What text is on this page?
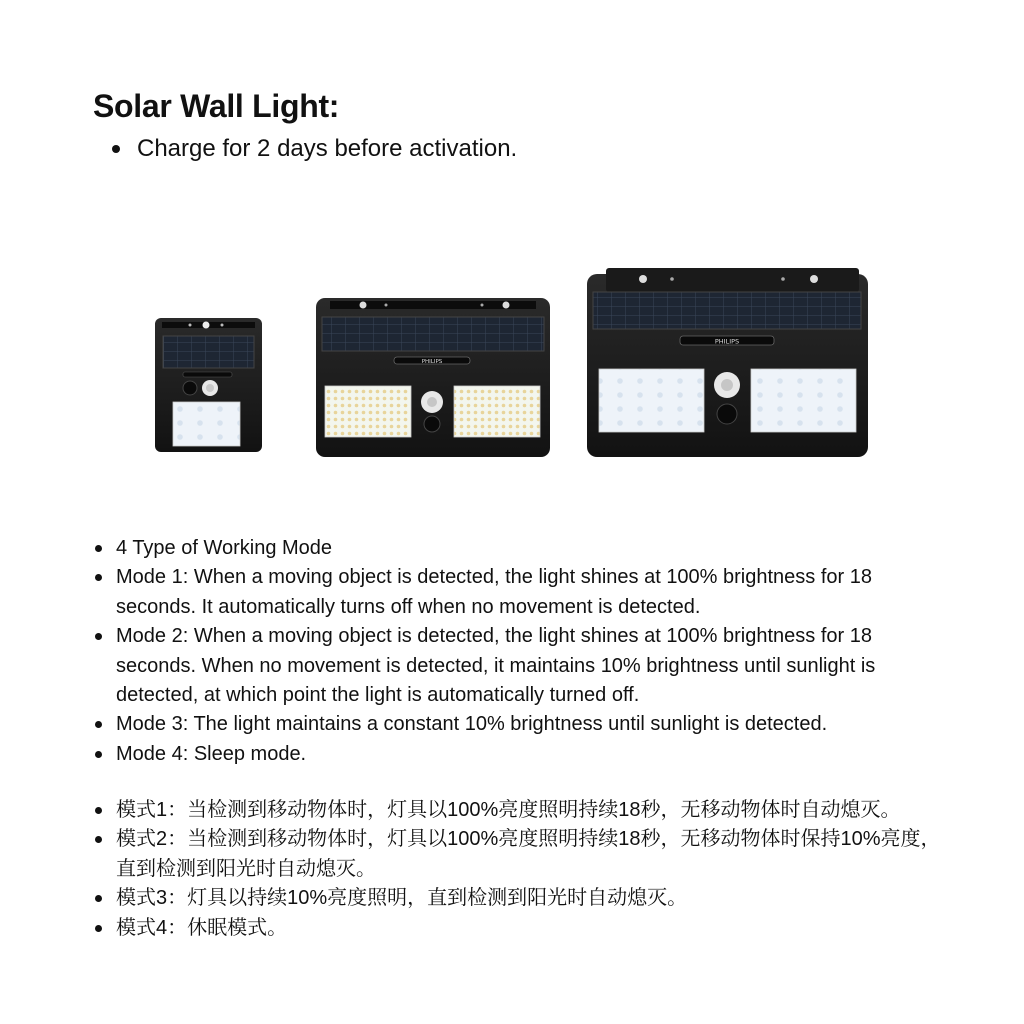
Solar Wall Light:
Charge for 2 days before activation.
PHILIPS
PHILIPS
4 Type of Working Mode
Mode 1: When a moving object is detected, the light shines at 100% brightness for 18 seconds. It automatically turns off when no movement is detected.
Mode 2: When a moving object is detected, the light shines at 100% brightness for 18 seconds. When no movement is detected, it maintains 10% brightness until sunlight is detected, at which point the light is automatically turned off.
Mode 3: The light maintains a constant 10% brightness until sunlight is detected.
Mode 4: Sleep mode.
模式1：当检测到移动物体时，灯具以100%亮度照明持续18秒，无移动物体时自动熄灭。
模式2：当检测到移动物体时，灯具以100%亮度照明持续18秒，无移动物体时保持10%亮度，直到检测到阳光时自动熄灭。
模式3：灯具以持续10%亮度照明，直到检测到阳光时自动熄灭。
模式4：休眠模式。
